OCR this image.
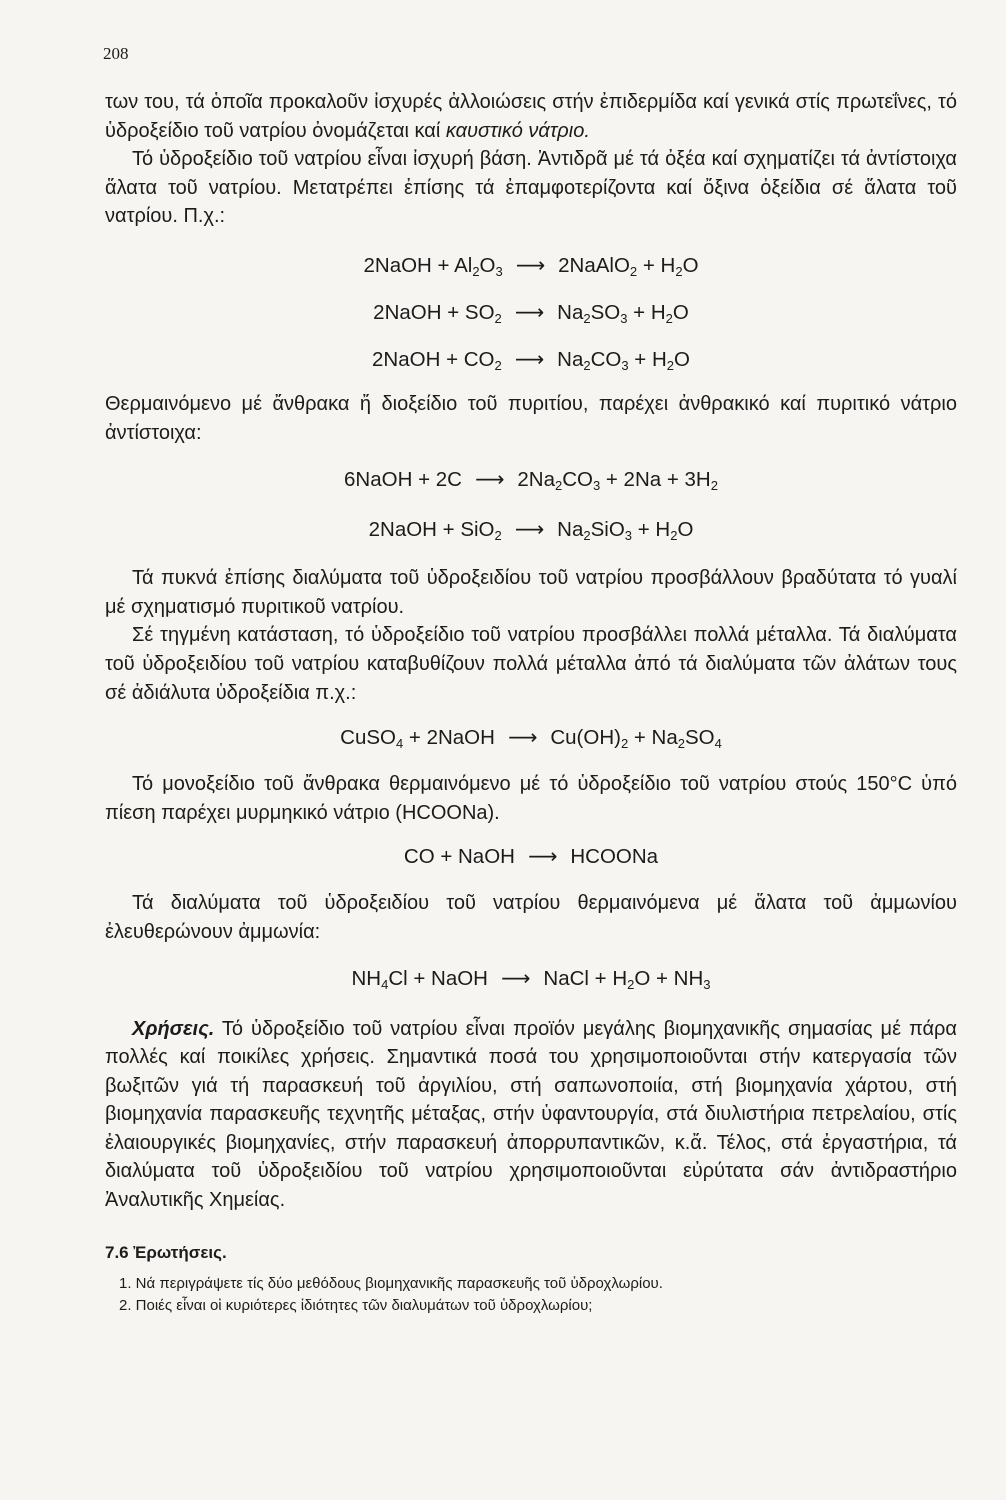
208

των του, τά ὁποῖα προκαλοῦν ἰσχυρές ἀλλοιώσεις στήν ἐπιδερμίδα καί γενικά στίς πρωτεΐνες, τό ὑδροξείδιο τοῦ νατρίου ὀνομάζεται καί καυστικό νάτριο.

Τό ὑδροξείδιο τοῦ νατρίου εἶναι ἰσχυρή βάση. Ἀντιδρᾶ μέ τά ὀξέα καί σχηματίζει τά ἀντίστοιχα ἅλατα τοῦ νατρίου. Μετατρέπει ἐπίσης τά ἐπαμφοτερίζοντα καί ὄξινα ὀξείδια σέ ἅλατα τοῦ νατρίου. Π.χ.:

2NaOH + $Al_2O_3$ ⟶ 2NaAlO$_2$ + $H_2O$

2NaOH + $SO_2$ ⟶ $Na_2SO_3 + H_2O$

2NaOH + $CO_2$ ⟶ $Na_2CO_3 + H_2O$

Θερμαινόμενο μέ ἄνθρακα ἤ διοξείδιο τοῦ πυριτίου, παρέχει ἀνθρακικό καί πυριτικό νάτριο ἀντίστοιχα:

6NaOH + 2C ⟶ $2Na_2CO_3 + 2Na + 3H_2$

2NaOH + SiO$_2$ ⟶ $Na_2SiO_3 + H_2O$

Τά πυκνά ἐπίσης διαλύματα τοῦ ὑδροξειδίου τοῦ νατρίου προσβάλλουν βραδύτατα τό γυαλί μέ σχηματισμό πυριτικοῦ νατρίου.

Σέ τηγμένη κατάσταση, τό ὑδροξείδιο τοῦ νατρίου προσβάλλει πολλά μέταλλα. Τά διαλύματα τοῦ ὑδροξειδίου τοῦ νατρίου καταβυθίζουν πολλά μέταλλα ἀπό τά διαλύματα τῶν ἀλάτων τους σέ ἀδιάλυτα ὑδροξείδια π.χ.:

CuSO$_4$ + 2NaOH ⟶ $Cu(OH)_2 + Na_2SO_4$

Τό μονοξείδιο τοῦ ἄνθρακα θερμαινόμενο μέ τό ὑδροξείδιο τοῦ νατρίου στούς 150°C ὑπό πίεση παρέχει μυρμηκικό νάτριο (HCOONa).

CO + NaOH ⟶ HCOONa

Τά διαλύματα τοῦ ὑδροξειδίου τοῦ νατρίου θερμαινόμενα μέ ἅλατα τοῦ ἀμμωνίου ἐλευθερώνουν ἀμμωνία:

$NH_4Cl$ + NaOH ⟶ NaCl + $H_2O + NH_3$

Χρήσεις. Τό ὑδροξείδιο τοῦ νατρίου εἶναι προϊόν μεγάλης βιομηχανικῆς σημασίας μέ πάρα πολλές καί ποικίλες χρήσεις. Σημαντικά ποσά του χρησιμοποιοῦνται στήν κατεργασία τῶν βωξιτῶν γιά τή παρασκευή τοῦ ἀργιλίου, στή σαπωνοποιία, στή βιομηχανία χάρτου, στή βιομηχανία παρασκευῆς τεχνητῆς μέταξας, στήν ὑφαντουργία, στά διυλιστήρια πετρελαίου, στίς ἐλαιουργικές βιομηχανίες, στήν παρασκευή ἀπορρυπαντικῶν, κ.ἄ. Τέλος, στά ἐργαστήρια, τά διαλύματα τοῦ ὑδροξειδίου τοῦ νατρίου χρησιμοποιοῦνται εὐρύτατα σάν ἀντιδραστήριο Ἀναλυτικῆς Χημείας.

7.6 Ἐρωτήσεις.

1. Νά περιγράψετε τίς δύο μεθόδους βιομηχανικῆς παρασκευῆς τοῦ ὑδροχλωρίου.

2. Ποιές εἶναι οἱ κυριότερες ἰδιότητες τῶν διαλυμάτων τοῦ ὑδροχλωρίου;
